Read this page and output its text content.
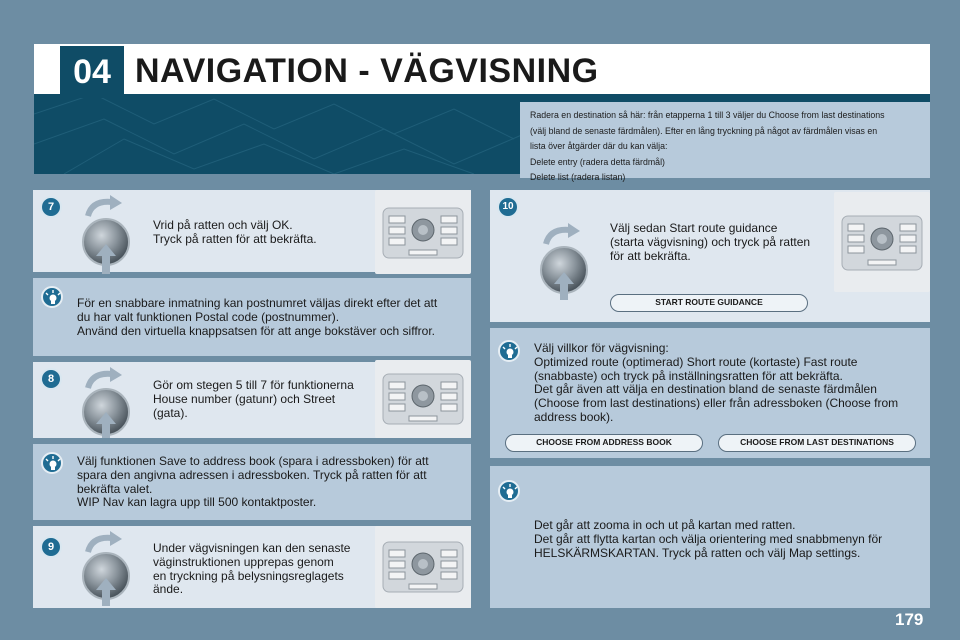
04 NAVIGATION - VÄGVISNING
Radera en destination så här: från etapperna 1 till 3 väljer du Choose from last destinations
(välj bland de senaste färdmålen). Efter en lång tryckning på något av färdmålen visas en
lista över åtgärder där du kan välja:
Delete entry (radera detta färdmål)
Delete list (radera listan)
7
Vrid på ratten och välj OK.
Tryck på ratten för att bekräfta.
För en snabbare inmatning kan postnumret väljas direkt efter det att
du har valt funktionen Postal code (postnummer).
Använd den virtuella knappsatsen för att ange bokstäver och siffror.
8	Gör om stegen 5 till 7 för funktionerna
House number (gatunr) och Street
(gata).
Välj funktionen Save to address book (spara i adressboken) för att
spara den angivna adressen i adressboken. Tryck på ratten för att
bekräfta valet.
WIP Nav kan lagra upp till 500 kontaktposter.
9	Under vägvisningen kan den senaste
väginstruktionen upprepas genom
en tryckning på belysningsreglagets
ände.
10
Välj sedan Start route guidance
(starta vägvisning) och tryck på ratten
för att bekräfta.
START ROUTE GUIDANCE
Välj villkor för vägvisning:
Optimized route (optimerad) Short route (kortaste) Fast route
(snabbaste) och tryck på inställningsratten för att bekräfta.
Det går även att välja en destination bland de senaste färdmålen
(Choose from last destinations) eller från adressboken (Choose from
address book).
CHOOSE FROM ADDRESS BOOK	CHOOSE FROM LAST DESTINATIONS
Det går att zooma in och ut på kartan med ratten.
Det går att flytta kartan och välja orientering med snabbmenyn för
HELSKÄRMSKARTAN. Tryck på ratten och välj Map settings.
179
